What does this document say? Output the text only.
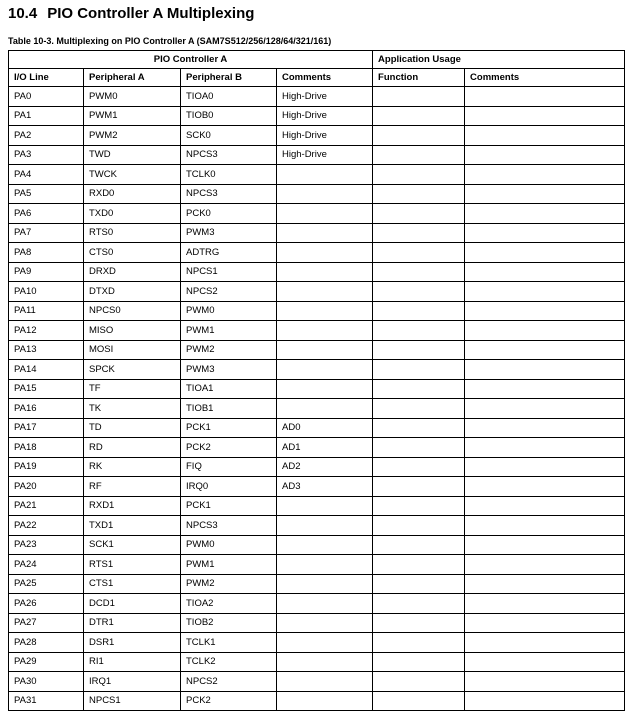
10.4 PIO Controller A Multiplexing
Table 10-3. Multiplexing on PIO Controller A (SAM7S512/256/128/64/321/161)
PIO Controller A				Application Usage	
I/O Line	Peripheral A	Peripheral B	Comments	Function	Comments
PA0	PWM0	TIOA0	High-Drive		
PA1	PWM1	TIOB0	High-Drive		
PA2	PWM2	SCK0	High-Drive		
PA3	TWD	NPCS3	High-Drive		
PA4	TWCK	TCLK0			
PA5	RXD0	NPCS3			
PA6	TXD0	PCK0			
PA7	RTS0	PWM3			
PA8	CTS0	ADTRG			
PA9	DRXD	NPCS1			
PA10	DTXD	NPCS2			
PA11	NPCS0	PWM0			
PA12	MISO	PWM1			
PA13	MOSI	PWM2			
PA14	SPCK	PWM3			
PA15	TF	TIOA1			
PA16	TK	TIOB1			
PA17	TD	PCK1	AD0		
PA18	RD	PCK2	AD1		
PA19	RK	FIQ	AD2		
PA20	RF	IRQ0	AD3		
PA21	RXD1	PCK1			
PA22	TXD1	NPCS3			
PA23	SCK1	PWM0			
PA24	RTS1	PWM1			
PA25	CTS1	PWM2			
PA26	DCD1	TIOA2			
PA27	DTR1	TIOB2			
PA28	DSR1	TCLK1			
PA29	RI1	TCLK2			
PA30	IRQ1	NPCS2			
PA31	NPCS1	PCK2			
